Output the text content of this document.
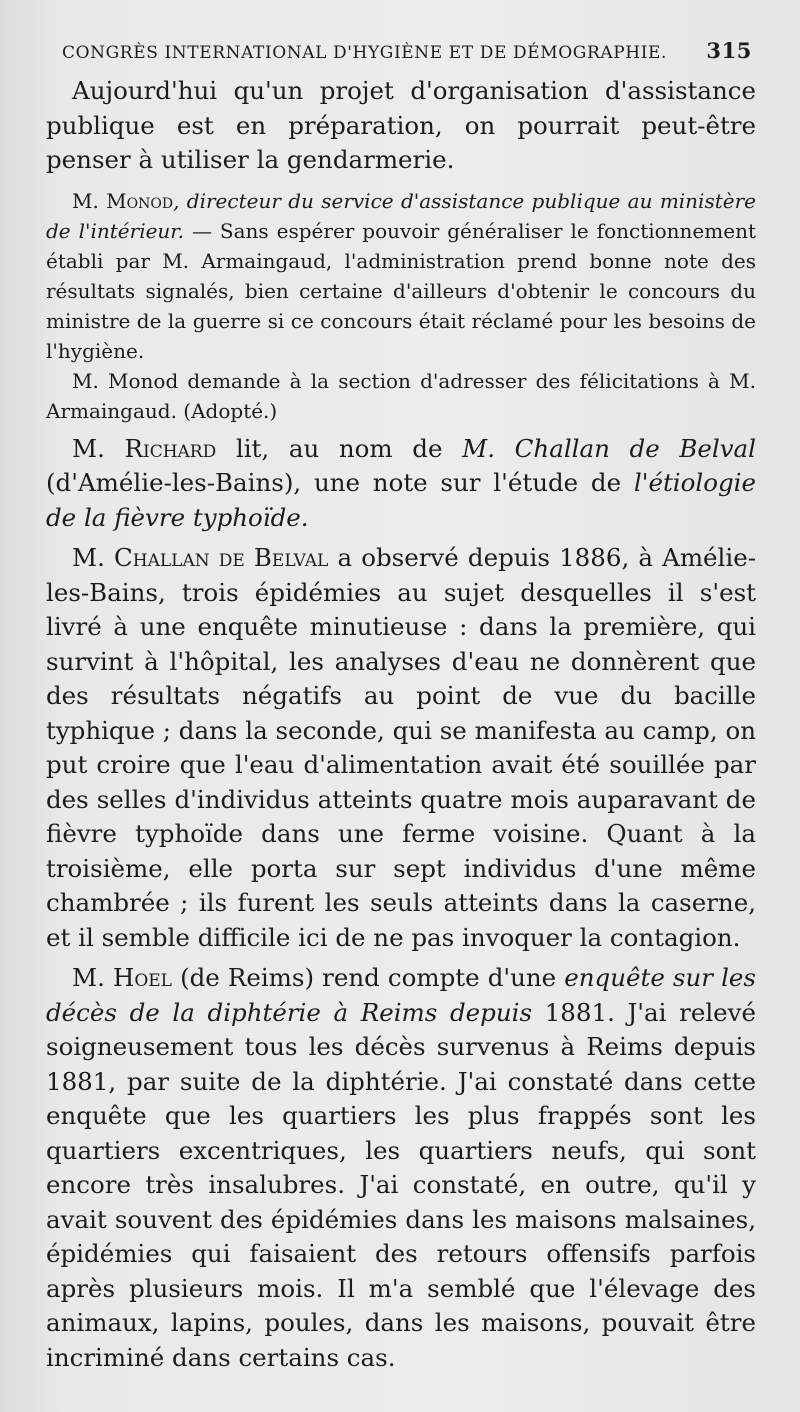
CONGRÈS INTERNATIONAL D'HYGIÈNE ET DE DÉMOGRAPHIE. 315

Aujourd'hui qu'un projet d'organisation d'assistance publique est en préparation, on pourrait peut-être penser à utiliser la gendarmerie.

M. Monod, directeur du service d'assistance publique au ministère de l'intérieur. — Sans espérer pouvoir généraliser le fonctionnement établi par M. Armaingaud, l'administration prend bonne note des résultats signalés, bien certaine d'ailleurs d'obtenir le concours du ministre de la guerre si ce concours était réclamé pour les besoins de l'hygiène.

M. Monod demande à la section d'adresser des félicitations à M. Armaingaud. (Adopté.)

M. Richard lit, au nom de M. Challan de Belval (d'Amélie-les-Bains), une note sur l'étude de l'étiologie de la fièvre typhoïde.

M. Challan de Belval a observé depuis 1886, à Amélie-les-Bains, trois épidémies au sujet desquelles il s'est livré à une enquête minutieuse : dans la première, qui survint à l'hôpital, les analyses d'eau ne donnèrent que des résultats négatifs au point de vue du bacille typhique ; dans la seconde, qui se manifesta au camp, on put croire que l'eau d'alimentation avait été souillée par des selles d'individus atteints quatre mois auparavant de fièvre typhoïde dans une ferme voisine. Quant à la troisième, elle porta sur sept individus d'une même chambrée ; ils furent les seuls atteints dans la caserne, et il semble difficile ici de ne pas invoquer la contagion.

M. Hoel (de Reims) rend compte d'une enquête sur les décès de la diphtérie à Reims depuis 1881. J'ai relevé soigneusement tous les décès survenus à Reims depuis 1881, par suite de la diphtérie. J'ai constaté dans cette enquête que les quartiers les plus frappés sont les quartiers excentriques, les quartiers neufs, qui sont encore très insalubres. J'ai constaté, en outre, qu'il y avait souvent des épidémies dans les maisons malsaines, épidémies qui faisaient des retours offensifs parfois après plusieurs mois. Il m'a semblé que l'élevage des animaux, lapins, poules, dans les maisons, pouvait être incriminé dans certains cas.
